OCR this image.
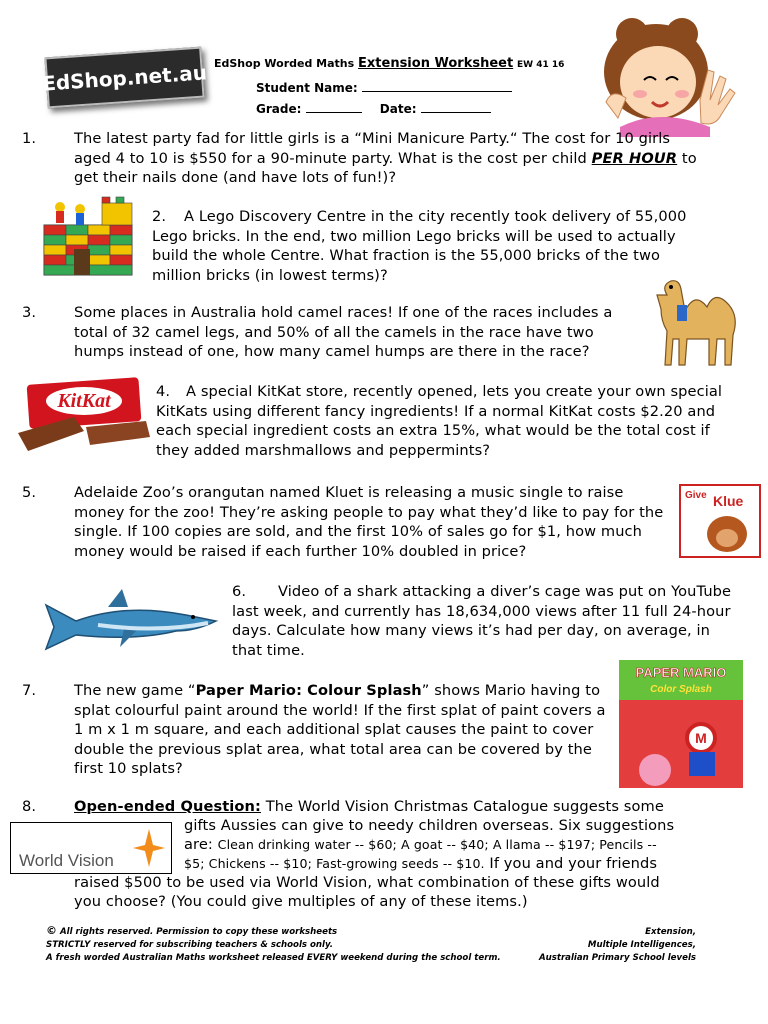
EdShop.net.au EdShop Worded Maths Extension Worksheet EW 41 16
Student Name:
Grade:	Date:

1.	The latest party fad for little girls is a “Mini Manicure Party.“ The cost for 10 girls aged 4 to 10 is $550 for a 90-minute party. What is the cost per child PER HOUR to get their nails done (and have lots of fun!)?

2. A Lego Discovery Centre in the city recently took delivery of 55,000 Lego bricks. In the end, two million Lego bricks will be used to actually build the whole Centre. What fraction is the 55,000 bricks of the two million bricks (in lowest terms)?

3.	Some places in Australia hold camel races! If one of the races includes a total of 32 camel legs, and 50% of all the camels in the race have two humps instead of one, how many camel humps are there in the race?

KitKat	4. A special KitKat store, recently opened, lets you create your own special KitKats using different fancy ingredients! If a normal KitKat costs $2.20 and each special ingredient costs an extra 15%, what would be the total cost if they added marshmallows and peppermints?

5.	Adelaide Zoo’s orangutan named Kluet is releasing a music single to raise money for the zoo! They’re asking people to pay what they’d like to pay for the single. If 100 copies are sold, and the first 10% of sales go for $1, how much money would be raised if each further 10% doubled in price?

Give Klue

6. Video of a shark attacking a diver’s cage was put on YouTube last week, and currently has 18,634,000 views after 11 full 24-hour days. Calculate how many views it’s had per day, on average, in that time.

7.	The new game “Paper Mario: Colour Splash” shows Mario having to splat colourful paint around the world! If the first splat of paint covers a 1 m x 1 m square, and each additional splat causes the paint to cover double the previous splat area, what total area can be covered by the first 10 splats?

PAPER MARIO
Color Splash
M

8.	Open-ended Question: The World Vision Christmas Catalogue suggests some

gifts Aussies can give to needy children overseas. Six suggestions

are: Clean drinking water -- $60; A goat -- $40; A llama -- $197; Pencils --

$5; Chickens -- $10; Fast-growing seeds -- $10. If you and your friends

raised $500 to be used via World Vision, what combination of these gifts would

you choose? (You could give multiples of any of these items.)

World Vision
© All rights reserved. Permission to copy these worksheets
STRICTLY reserved for subscribing teachers & schools only.
A fresh worded Australian Maths worksheet released EVERY weekend during the school term.
Extension,
Multiple Intelligences,
Australian Primary School levels
